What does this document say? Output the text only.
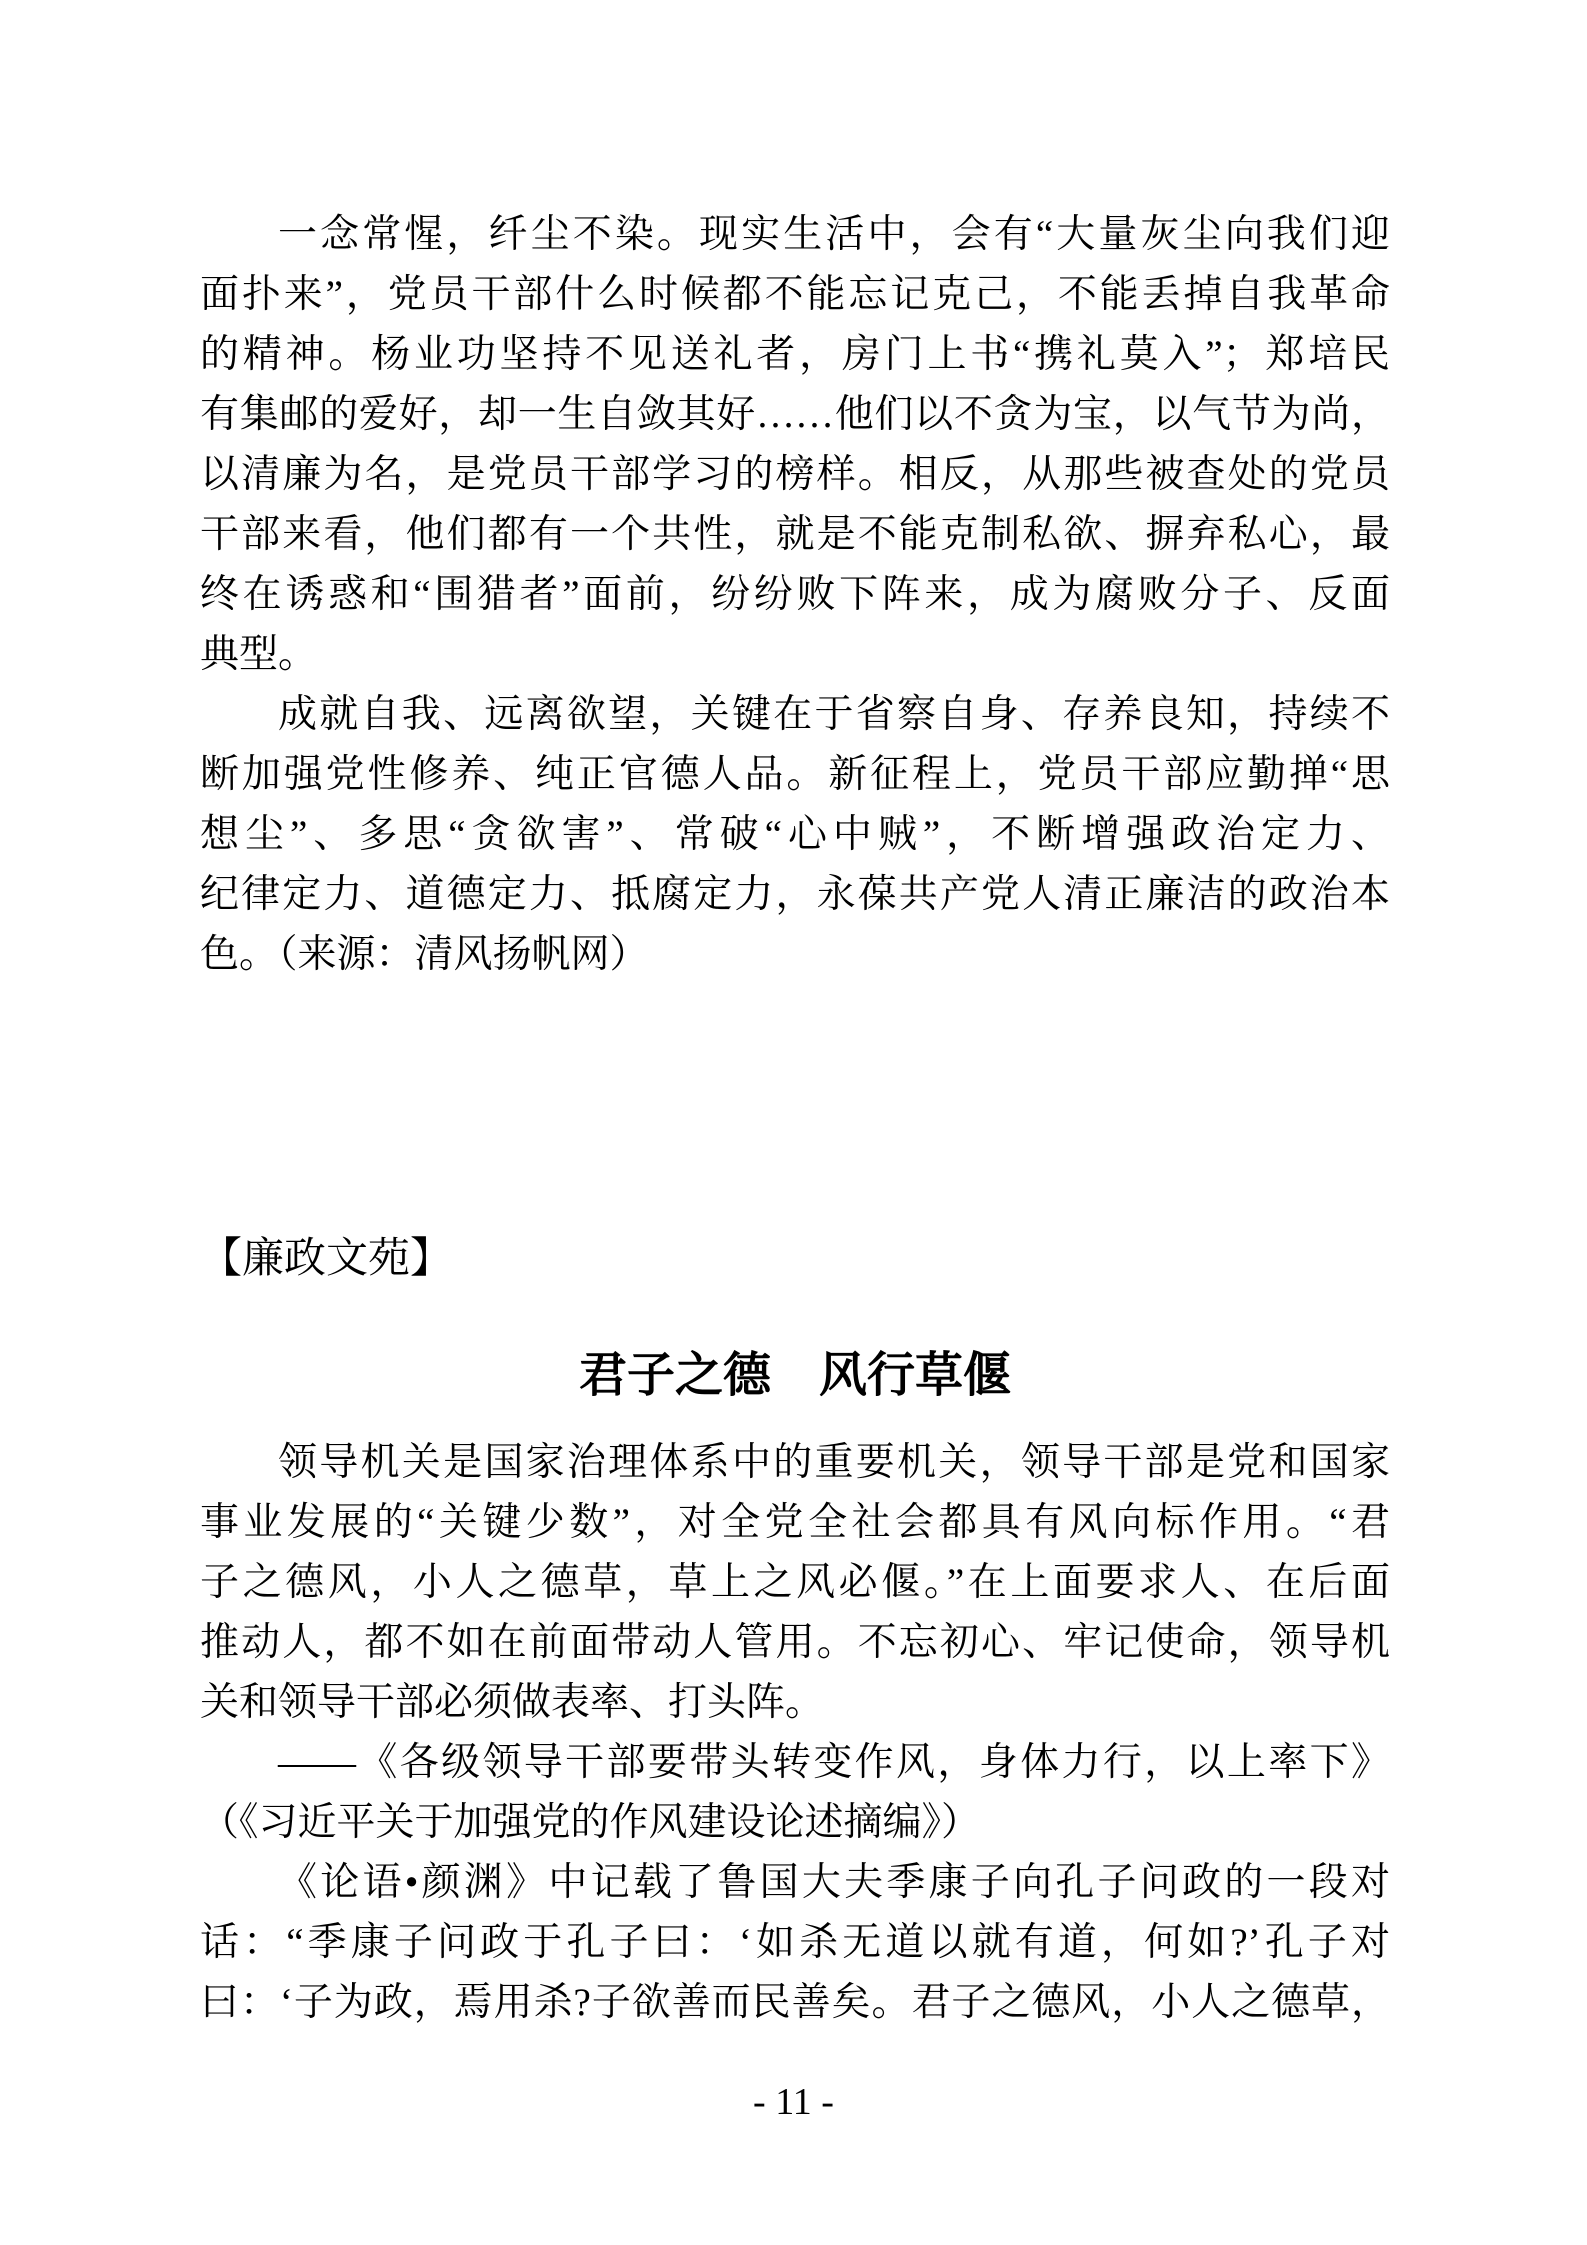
一念常惺，纤尘不染。现实生活中，会有“大量灰尘向我们迎
面扑来”，党员干部什么时候都不能忘记克己，不能丢掉自我革命
的精神。杨业功坚持不见送礼者，房门上书“携礼莫入”；郑培民
有集邮的爱好，却一生自敛其好……他们以不贪为宝，以气节为尚，
以清廉为名，是党员干部学习的榜样。相反，从那些被查处的党员
干部来看，他们都有一个共性，就是不能克制私欲、摒弃私心，最
终在诱惑和“围猎者”面前，纷纷败下阵来，成为腐败分子、反面
典型。
成就自我、远离欲望，关键在于省察自身、存养良知，持续不
断加强党性修养、纯正官德人品。新征程上，党员干部应勤掸“思
想尘”、多思“贪欲害”、常破“心中贼”，不断增强政治定力、
纪律定力、道德定力、抵腐定力，永葆共产党人清正廉洁的政治本
色。（来源：清风扬帆网）
【廉政文苑】
君子之德　风行草偃
领导机关是国家治理体系中的重要机关，领导干部是党和国家
事业发展的“关键少数”，对全党全社会都具有风向标作用。“君
子之德风，小人之德草，草上之风必偃。”在上面要求人、在后面
推动人，都不如在前面带动人管用。不忘初心、牢记使命，领导机
关和领导干部必须做表率、打头阵。
——《各级领导干部要带头转变作风，身体力行，以上率下》
（《习近平关于加强党的作风建设论述摘编》）
《论语•颜渊》中记载了鲁国大夫季康子向孔子问政的一段对
话：“季康子问政于孔子曰：‘如杀无道以就有道，何如?’孔子对
曰：‘子为政，焉用杀?子欲善而民善矣。君子之德风，小人之德草，
- 11 -
